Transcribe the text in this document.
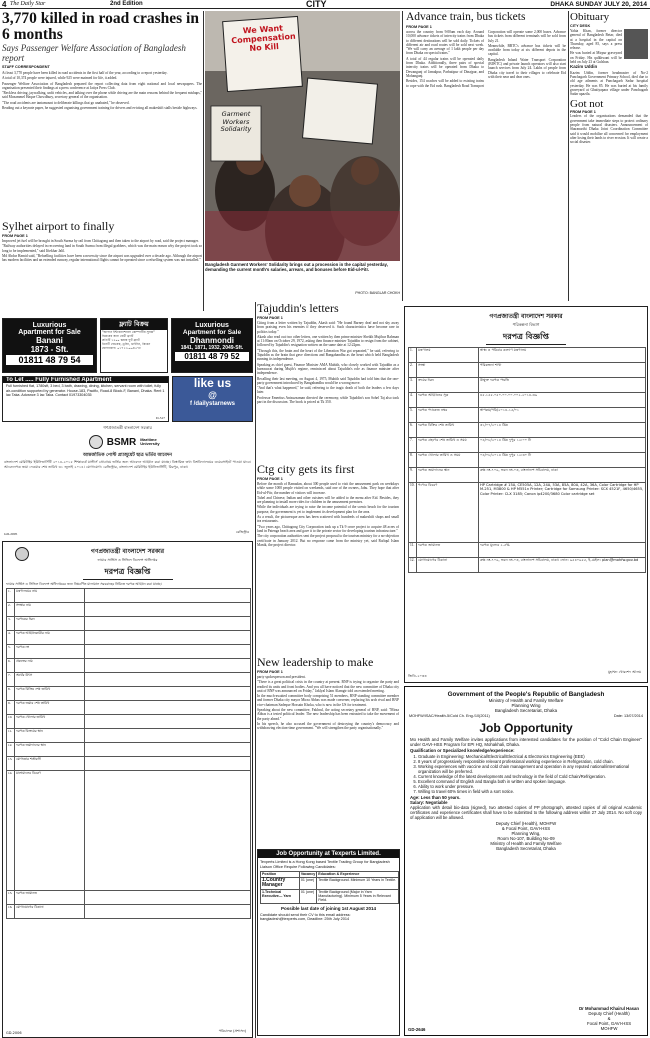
4 The Daily Star	2nd Edition	CITY	DHAKA SUNDAY JULY 20, 2014
3,770 killed in road crashes in 6 months
Says Passenger Welfare Association of Bangladesh report
STAFF CORRESPONDENT

At least 3,770 people have been killed in road accidents in the first half of the year, according to a report yesterday.

A total of 10,374 people were injured, while 925 were maimed for life, it added.

Passenger Welfare Association of Bangladesh prepared the report collecting data from eight national and local newspapers. The organisation presented their findings at a press conference at Jatiya Press Club.

"Reckless driving, jaywalking, unfit vehicles, and talking over the phone while driving are the main reasons behind the frequent mishaps," said Mozammel Haque Chowdhury, secretary general of the organisation.

"The road accidents are tantamount to deliberate killings that go unabated," he observed.

Reading out a keynote paper, he suggested organising government training for drivers and evicting all makeshift stalls beside highways.

Sylhet airport to finally
FROM PAGE 1

Improved jet fuel will be brought in South Surma by rail from Chittagong and then taken to the airport by road, said the project manager.

"Railway authorities delayed in recovering land in South Surma from illegal grabbers, which was the main reason why the project took so long to be implemented," said Iftekhar Jalil.

Md Abdur Hamid said, "Refuelling facilities have been a necessity since the airport was upgraded over a decade ago. Although the airport has modern facilities and an extended runway, regular international flights cannot be operated since a refuelling system was not installed."

We Want Compensation No Kill
Garment Workers Solidarity
Bangladesh Garment Workers' Solidarity brings out a procession in the capital yesterday, demanding the current month's salaries, arrears, and bonuses before Eid-ul-Fitr.
PHOTO: BANGLAR CHOKH
Advance train, bus tickets
FROM PAGE 1

across the country from 9:00am each day. Around 10,000 advance tickets of intercity trains from Dhaka to different destinations will be sold daily. Tickets of different air and road routes will be sold next week. "We will carry an average of 1 lakh people per day from Dhaka on special trains."

A total of 44 regular trains will be operated daily from Dhaka. Additionally, three pairs of special intercity trains will be operated from Dhaka to Dewanganj of Jamalpur, Parbatipur of Dinajpur, and Mohanganj.

Besides, 154 coaches will be added to existing trains to cope with the Eid rush. Bangladesh Road Transport Corporation will operate some 2,000 buses. Advance bus tickets from different terminals will be sold from July 21.

Meanwhile, BRTC's advance bus tickets will be available from today at six different depots in the capital.

Bangladesh Inland Water Transport Corporation (BIWTC) and private launch operators will also start launch services from July 24. Lakhs of people from Dhaka city travel to their villages to celebrate Eid with their near and dear ones.

Obituary
CITY DESK

Yahia Khan, former director general of Bangladesh Betar, died at a hospital in the capital on Thursday, aged 85, says a press release.

He was buried at Mirpur graveyard on Friday. His qulkhwani will be held on July 23 at Gulshan.

Kazim Uddin

Kazim Uddin, former headmaster of No-2 Panchagarh Government Primary School, died due to old age ailments at Panchagarh Sadar hospital yesterday. He was 85. He was buried at his family graveyard at Ghatiyapara village under Panchagarh Sadar upazila.

Got not
FROM PAGE 1

Leaders of the organisations demanded that the government take immediate steps to protect ordinary people from natural disasters. Announcement of Sharanarthi Dhaka Joint Coordination Committee said it would mobilise all concerned for employment after losing their lands to river erosion. It will create a social disaster.

Luxurious
Apartment for Sale
Banani
1873 - Sft.
01811 48 79 54
ফ্ল্যাট বিক্রয়
"জাপান ইন্টারন্যাশনাল কোম্পানীর সুনাম" বিক্রয়ের জন্য রেডী ফ্ল্যাট
প্রতিটি ১২০০ স্কয়ার ফুট ফ্ল্যাট
তিনটি বেডরুম, ড্রয়িং, ডাইনিং, কিচেন
যোগাযোগ: ০১৭১৩-০০৪৫৭৮
Luxurious
Apartment for Sale
Dhanmondi
1841, 1871, 1932, 2049-Sft.
01811 48 79 52
To Let ..... Fully Furnished Apartment
Full furnished flat, 1780sft, 3 bed, 3 bath, drawing, dining, kitchen, servant room with toilet, fully air-condition supported by generator. House-183, Pacific, Road-8 Block-F, Banani, Dhaka. Rent 1 lac Taka. Advance 3 lac Taka. Contact 01973304035
D-517
like us
@
f /dailystarnews
গণপ্রজাতন্ত্রী বাংলাদেশ সরকার
BSMR Maritime University
আন্তর্জাতিক পোস্ট গ্র্যাজুয়েট ছাত্র ভর্তির আবেদন
বাংলাদেশ মেরিটাইম ইউনিভার্সিটি ২০১৪-২০১৫ শিক্ষাবর্ষে মাস্টার্স প্রোগ্রামে ভর্তির জন্য আবেদন আহ্বান করা যাচ্ছে। বিস্তারিত তথ্য বিশ্ববিদ্যালয়ের ওয়েবসাইটে পাওয়া যাবে। আবেদনপত্র জমা দেওয়ার শেষ তারিখ ৩১ জুলাই ২০১৪। যোগাযোগ: রেজিস্ট্রার, বাংলাদেশ মেরিটাইম ইউনিভার্সিটি, মিরপুর, ঢাকা।
GD-2005	রেজিস্ট্রার
গণপ্রজাতন্ত্রী বাংলাদেশ সরকার
ফায়ার সার্ভিস ও সিভিল ডিফেন্স অধিদপ্তর
দরপত্র বিজ্ঞপ্তি
ফায়ার সার্ভিস ও সিভিল ডিফেন্স অধিদপ্তরের জন্য নিম্নবর্ণিত মালামাল সরবরাহের নিমিত্তে দরপত্র আহ্বান করা যাচ্ছে।
1.	মন্ত্রণালয়ের নাম	
2.	সংস্থার নাম	
3.	দরপত্রের ধরন	
4.	দরপত্র আহ্বানকারীর নাম	
5.	দরপত্র নং	
6.	প্রকল্পের নাম	
7.	অর্থের উৎস	
8.	দরপত্র বিক্রির শেষ তারিখ	
9.	দরপত্র জমার শেষ তারিখ	
10.	দরপত্র খোলার তারিখ	
11.	দরপত্র বিক্রয়ের স্থান	
12.	দরপত্র জমাদানের স্থান	
13.	যোগ্যতার শর্তাবলী	
14.	মালামালের বিবরণ	
15.	দরপত্র জামানত	
16.	যোগাযোগের ঠিকানা	
GD-2006	পরিচালক (প্রশাসন)
Tajuddin's letters
FROM PAGE 1

Citing from a letter written by Tajuddin, Akash said: "He found Barney deaf and not shy away from praising even his enemies if they deserved it. Such characteristics have become rare in politics today."

Akash also read out two other letters, one written by then prime minister Sheikh Mujibur Rahman at 11:00am on October 29, 1972, asking then finance minister Tajuddin to resign from the cabinet, followed by Tajuddin's resignation written on the same date at 12:22pm.

"Through this, the brain and the heart of the Liberation War got separated," he said, referring to Tajuddin as the brain that gave directions and Bangabandhu as the heart which held Bangladesh running its independence.

Speaking as chief guest, Finance Minister AMA Muhith, who closely worked with Tajuddin as a bureaucrat during Mujib's regime, reminisced about Tajuddin's role as finance minister after independence.

Recalling their last meeting, on August 4, 1975, Muhith said Tajuddin had told him that the one-party government introduced by Bangabandhu would be a wrong move.

"And that's what happened," he said, referring to the tragic death of both the leaders a few days later.

Professor Emeritus Anisuzzaman directed the ceremony, while Tajuddin's son Sohel Taj also took part in the discussion. The book is priced at Tk 350.

Ctg city gets its first
FROM PAGE 1

Before the month of Ramadan, about 300 people used to visit the amusement park on weekdays while some 1000 people visited on weekends, said one of the owners, Jabu. They hope that after Eid-ul-Fitr, the number of visitors will increase.

Tuhel and Chinese, Indian and other cuisines will be added to the menu after Eid. Besides, they are planning to install more rides for children in the amusement premises.

While the individuals are trying to raise the income potential of the scenic beach for the tourism purpose, the government is yet to implement its development plan for the area.

As a result, the picturesque area has been scattered with hundreds of makeshift shops and small tea restaurants.

"Two years ago, Chittagong City Corporation took up a Tk 9 crore project to acquire 48 acres of land in Patenga beach area and gave it to the private sector for developing tourism infrastructure."

The city corporation authorities sent the project proposal to the tourism ministry for a no-objection certificate in January 2012. But no response came from the ministry yet, said Rafiqul Islam Manik, the project director.

New leadership to make
FROM PAGE 1

party spokesperson and president.

"There is a great political crisis in the country at present. BNP is trying to organise the party and readied its units and front bodies. And you all have noticed that the new committee of Dhaka city unit of BNP was announced on Friday," Jaklyal Islam Alamgir told an extended meeting.

In the much-awaited committee body comprising 51 members, BNP standing committee member and former Dhaka city mayor Mirza Abbas was made convener, replacing his arch rival and BNP vice-chairman Sadeque Hossain Khoka, who is now in the US for treatment.

Speaking about the new committee, Fakhrul, the acting secretary general of BNP, said: "Mirza Abbas is a tested political leader. The new leadership has been entrusted to take the movement of the party ahead."

In his speech, he also accused the government of destroying the country's democracy and withdrawing election-time government. "We will strengthen the party organisationally."

Job Opportunity at Texperts Limited.
Texperts Limited is a Hong Kong based Textile Trading Group for Bangladesh Liaison Office Require Following Candidates:
Position	Vacancy	Education & Experience
1.Country Manager	01 (one)	Textile Background. Minimum 10 Years in Textile.
1.Technical Executive— Yarn	01 (one)	Textile Background (Major in Yarn Manufacturing). Minimum 5 Years in Relevant Field.
Possible last date of joining 1st August 2014
Candidate should send their CV to this email address: bangladesh@texperts.com, Deadline: 25th July 2014
গণপ্রজাতন্ত্রী বাংলাদেশ সরকার
পরিকল্পনা বিভাগ
দরপত্র বিজ্ঞপ্তি
1.	মন্ত্রণালয়	স্বাস্থ্য ও পরিবার কল্যাণ মন্ত্রণালয়
2.	সংস্থা	পরিকল্পনা শাখা
3.	ক্রয়ের ধরন	উন্মুক্ত দরপত্র পদ্ধতি
4.	দরপত্র আহ্বানের সূত্র	৪৫.১৫৫.০৫০.০০.০০.০০২.২০১৪-৩৯
5.	দরপত্র প্যাকেজ নম্বর	স্বাপকম/পরি/২০১৪-১৫/০১
6.	দরপত্র বিক্রির শেষ তারিখ	৩১/০৭/২০১৪ খ্রিঃ
7.	দরপত্র গ্রহণের শেষ তারিখ ও সময়	০৪/০৮/২০১৪ খ্রিঃ দুপুর ১২:০০ টা
8.	দরপত্র খোলার তারিখ ও সময়	০৪/০৮/২০১৪ খ্রিঃ দুপুর ১২:৩০ টা
9.	দরপত্র জমাদানের স্থান	কক্ষ নং-৭০৯, ভবন নং-০৩, বাংলাদেশ সচিবালয়, ঢাকা
10.	পণ্যের বিবরণ	HP Cartridge # 15A, CE505A, 12A, 24A, 53A, 85A, 80A, 42A, 36A, Color Cartridge for HP M-251, M3800 & HP M551n Printer; Cartridge for Samsung Printer: SCX 4521F, 4650/4655, Color Printer: CLX 3185; Canon ip4200/3680 Color cartridge set
11.	দরপত্র জামানত	দরপত্র মূল্যের ২.৫%
12.	যোগাযোগের ঠিকানা	কক্ষ নং-৭০৯, ভবন নং-০৩, বাংলাদেশ সচিবালয়, ঢাকা। ফোন: ৯৫৪০৯৫৫, ই-মেইল: plan@mohfw.gov.bd
জিডি-২০৩৩
মুহাম্মদ খোরশেদ আলম
Government of the People's Republic of Bangladesh
Ministry of Health and Family Welfare
Planning Wing
Bangladesh Secretariat, Dhaka
MOHFW/ISAC/Health-5/Cold Ch. Eng./10(2011)	Date: 13/07/2014
Job Opportunity
Mo Health and Family Welfare invites applications from interested candidates for the position of "Cold Chain Engineer" under GAVI-HSS Program for EPI HQ, Mohakhali, Dhaka.
Qualification or Specialized knowledge/experience:
1. Graduate in Engineering: Mechanical/Electrical/Electrical & Electronics Engineering (EEE)
2. 8 years of progressively responsible relevant professional working experience in Refrigeration, cold chain.
3. Working experiences with vaccine and cold chain management and operation in any reputed national/international organization will be preferred.
4. Current knowledge of the latest developments and technology in the field of Cold Chain/Refrigeration.
5. Excellent command of English and Bangla both in written and spoken language.
6. Ability to work under pressure.
7. Willing to travel 60% times in field with a sort notice.
Age: Less than 50 years.
Salary: Negotiable
Application with detail bio-data (signed), two attested copies of PP photograph, attested copies of all original Academic certificates and experience certificates shall have to be submitted to the following address within 27 July 2014. No soft copy of application will be allowed.
Deputy Chief (Health), MOHFW
& Focal Point, GAVI-HSS
Planning Wing,
Room No-107, Building No-09
Ministry of Health and Family Welfare
Bangladesh Secretariat, Dhaka
Dr Mohammad Khairul Hasan
Deputy Chief (Health)
&
Focal Point, GAVI-HSS
MOHFW
GD-2646
